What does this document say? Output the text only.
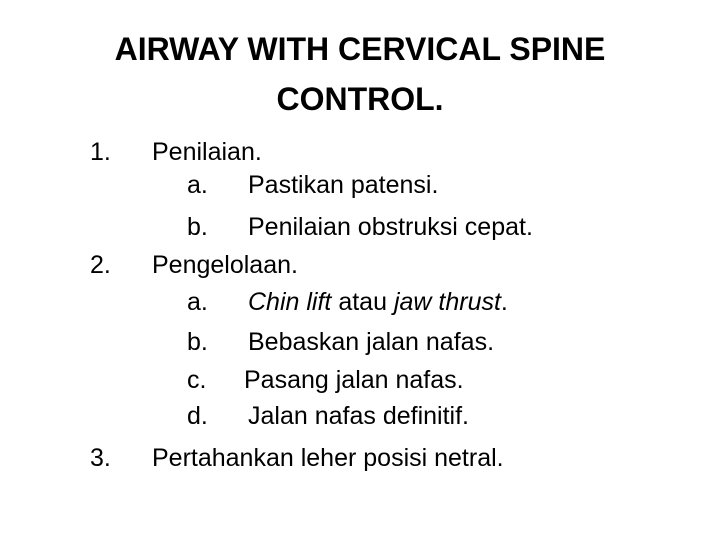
AIRWAY WITH CERVICAL SPINE
CONTROL.
1. Penilaian.
a. Pastikan patensi.
b. Penilaian obstruksi cepat.
2. Pengelolaan.
a. Chin lift atau jaw thrust.
b. Bebaskan jalan nafas.
c. Pasang jalan nafas.
d. Jalan nafas definitif.
3. Pertahankan leher posisi netral.
